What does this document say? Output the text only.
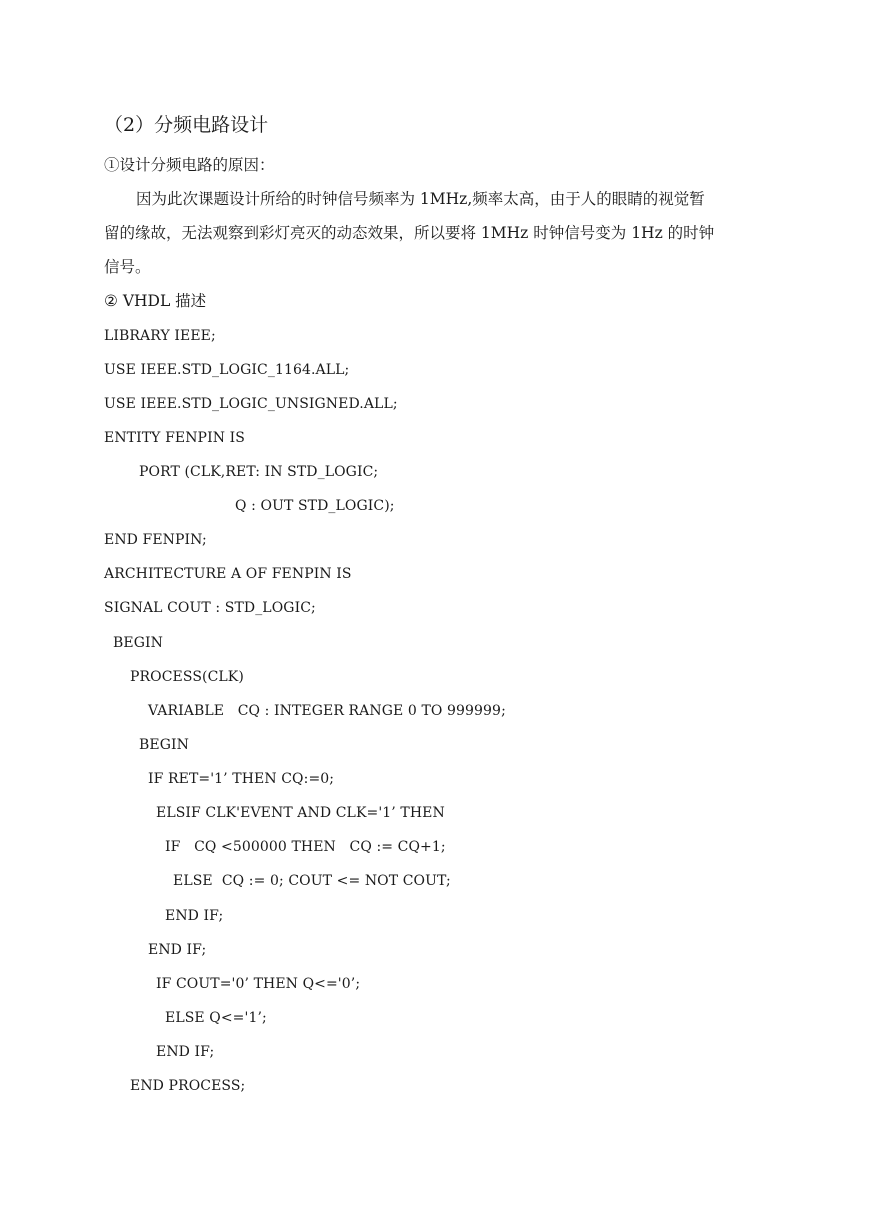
（2）分频电路设计
①设计分频电路的原因：
因为此次课题设计所给的时钟信号频率为 1MHz,频率太高，由于人的眼睛的视觉暂
留的缘故，无法观察到彩灯亮灭的动态效果，所以要将 1MHz 时钟信号变为 1Hz 的时钟
信号。
② VHDL 描述
LIBRARY IEEE;
USE IEEE.STD_LOGIC_1164.ALL;
USE IEEE.STD_LOGIC_UNSIGNED.ALL;
ENTITY FENPIN IS
PORT (CLK,RET: IN STD_LOGIC;
Q : OUT STD_LOGIC);
END FENPIN;
ARCHITECTURE A OF FENPIN IS
SIGNAL COUT : STD_LOGIC;
BEGIN
PROCESS(CLK)
VARIABLE   CQ : INTEGER RANGE 0 TO 999999;
BEGIN
IF RET='1’ THEN CQ:=0;
ELSIF CLK'EVENT AND CLK='1’ THEN
IF   CQ <500000 THEN   CQ := CQ+1;
ELSE  CQ := 0; COUT <= NOT COUT;
END IF;
END IF;
IF COUT='0’ THEN Q<='0’;
ELSE Q<='1’;
END IF;
END PROCESS;
